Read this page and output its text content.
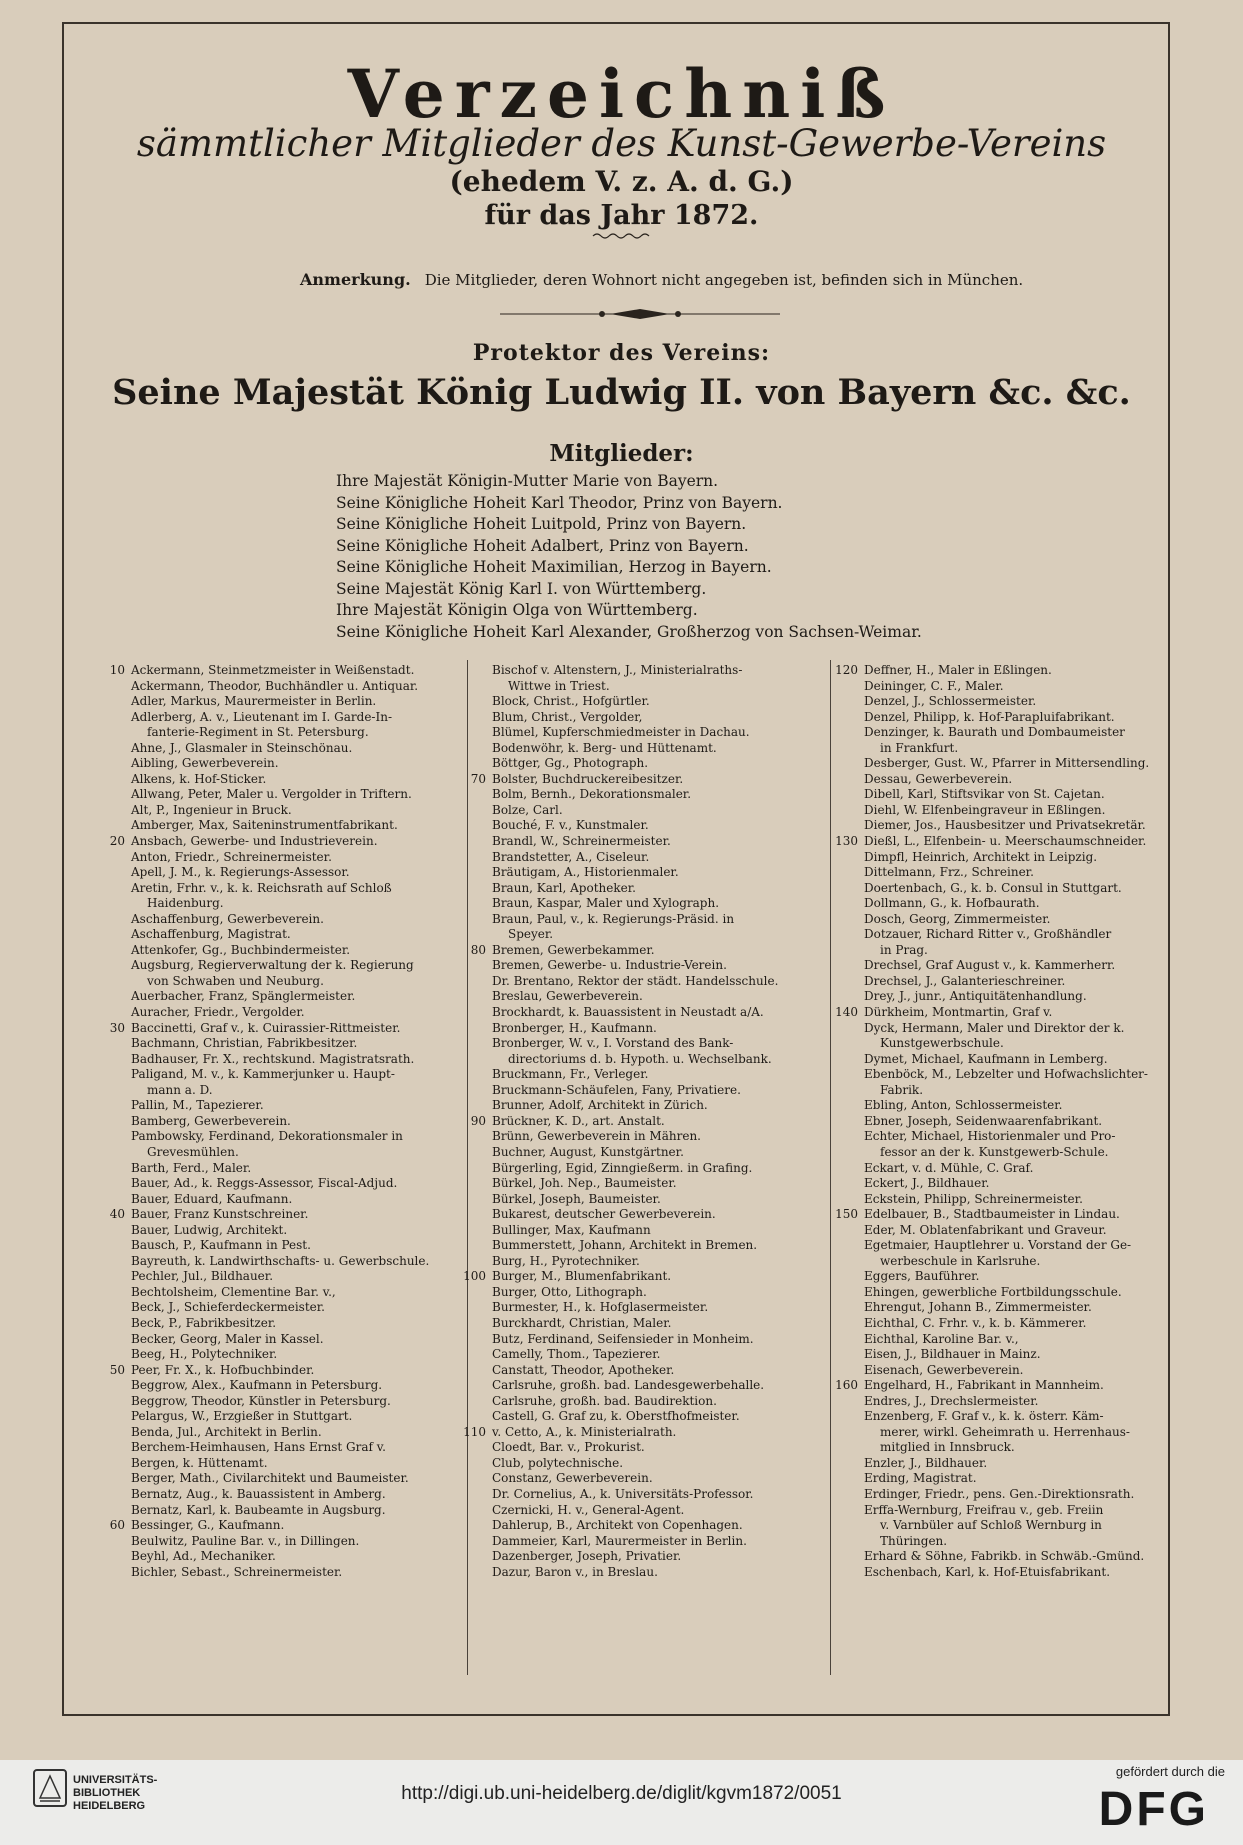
Verzeichniß
sämmtlicher Mitglieder des Kunst-Gewerbe-Vereins
(ehedem V. z. A. d. G.)
für das Jahr 1872.
Anmerkung. Die Mitglieder, deren Wohnort nicht angegeben ist, befinden sich in München.
Protektor des Vereins:
Seine Majestät König Ludwig II. von Bayern &c. &c.
Mitglieder:
Ihre Majestät Königin-Mutter Marie von Bayern.
Seine Königliche Hoheit Karl Theodor, Prinz von Bayern.
Seine Königliche Hoheit Luitpold, Prinz von Bayern.
Seine Königliche Hoheit Adalbert, Prinz von Bayern.
Seine Königliche Hoheit Maximilian, Herzog in Bayern.
Seine Majestät König Karl I. von Württemberg.
Ihre Majestät Königin Olga von Württemberg.
Seine Königliche Hoheit Karl Alexander, Großherzog von Sachsen-Weimar.
10 Ackermann, Steinmetzmeister in Weißenstadt.
Ackermann, Theodor, Buchhändler u. Antiquar.
Adler, Markus, Maurermeister in Berlin.
Adlerberg, A. v., Lieutenant im I. Garde-In-
fanterie-Regiment in St. Petersburg.
Ahne, J., Glasmaler in Steinschönau.
Aibling, Gewerbeverein.
Alkens, k. Hof-Sticker.
Allwang, Peter, Maler u. Vergolder in Triftern.
Alt, P., Ingenieur in Bruck.
Amberger, Max, Saiteninstrumentfabrikant.
20 Ansbach, Gewerbe- und Industrieverein.
Anton, Friedr., Schreinermeister.
Apell, J. M., k. Regierungs-Assessor.
Aretin, Frhr. v., k. k. Reichsrath auf Schloß
Haidenburg.
Aschaffenburg, Gewerbeverein.
Aschaffenburg, Magistrat.
Attenkofer, Gg., Buchbindermeister.
Augsburg, Regierverwaltung der k. Regierung
von Schwaben und Neuburg.
Auerbacher, Franz, Spänglermeister.
Auracher, Friedr., Vergolder.
30 Baccinetti, Graf v., k. Cuirassier-Rittmeister.
Bachmann, Christian, Fabrikbesitzer.
Badhauser, Fr. X., rechtskund. Magistratsrath.
Paligand, M. v., k. Kammerjunker u. Haupt-
mann a. D.
Pallin, M., Tapezierer.
Bamberg, Gewerbeverein.
Pambowsky, Ferdinand, Dekorationsmaler in
Grevesmühlen.
Barth, Ferd., Maler.
Bauer, Ad., k. Reggs-Assessor, Fiscal-Adjud.
Bauer, Eduard, Kaufmann.
40 Bauer, Franz Kunstschreiner.
Bauer, Ludwig, Architekt.
Bausch, P., Kaufmann in Pest.
Bayreuth, k. Landwirthschafts- u. Gewerbschule.
Pechler, Jul., Bildhauer.
Bechtolsheim, Clementine Bar. v.,
Beck, J., Schieferdeckermeister.
Beck, P., Fabrikbesitzer.
Becker, Georg, Maler in Kassel.
Beeg, H., Polytechniker.
50 Peer, Fr. X., k. Hofbuchbinder.
Beggrow, Alex., Kaufmann in Petersburg.
Beggrow, Theodor, Künstler in Petersburg.
Pelargus, W., Erzgießer in Stuttgart.
Benda, Jul., Architekt in Berlin.
Berchem-Heimhausen, Hans Ernst Graf v.
Bergen, k. Hüttenamt.
Berger, Math., Civilarchitekt und Baumeister.
Bernatz, Aug., k. Bauassistent in Amberg.
Bernatz, Karl, k. Baubeamte in Augsburg.
60 Bessinger, G., Kaufmann.
Beulwitz, Pauline Bar. v., in Dillingen.
Beyhl, Ad., Mechaniker.
Bichler, Sebast., Schreinermeister.
Bischof v. Altenstern, J., Ministerialraths-
Wittwe in Triest.
Block, Christ., Hofgürtler.
Blum, Christ., Vergolder,
Blümel, Kupferschmiedmeister in Dachau.
Bodenwöhr, k. Berg- und Hüttenamt.
Böttger, Gg., Photograph.
70 Bolster, Buchdruckereibesitzer.
Bolm, Bernh., Dekorationsmaler.
Bolze, Carl.
Bouché, F. v., Kunstmaler.
Brandl, W., Schreinermeister.
Brandstetter, A., Ciseleur.
Bräutigam, A., Historienmaler.
Braun, Karl, Apotheker.
Braun, Kaspar, Maler und Xylograph.
Braun, Paul, v., k. Regierungs-Präsid. in
Speyer.
80 Bremen, Gewerbekammer.
Bremen, Gewerbe- u. Industrie-Verein.
Dr. Brentano, Rektor der städt. Handelsschule.
Breslau, Gewerbeverein.
Brockhardt, k. Bauassistent in Neustadt a/A.
Bronberger, H., Kaufmann.
Bronberger, W. v., I. Vorstand des Bank-
directoriums d. b. Hypoth. u. Wechselbank.
Bruckmann, Fr., Verleger.
Bruckmann-Schäufelen, Fany, Privatiere.
Brunner, Adolf, Architekt in Zürich.
90 Brückner, K. D., art. Anstalt.
Brünn, Gewerbeverein in Mähren.
Buchner, August, Kunstgärtner.
Bürgerling, Egid, Zinngießerm. in Grafing.
Bürkel, Joh. Nep., Baumeister.
Bürkel, Joseph, Baumeister.
Bukarest, deutscher Gewerbeverein.
Bullinger, Max, Kaufmann
Bummerstett, Johann, Architekt in Bremen.
Burg, H., Pyrotechniker.
100 Burger, M., Blumenfabrikant.
Burger, Otto, Lithograph.
Burmester, H., k. Hofglasermeister.
Burckhardt, Christian, Maler.
Butz, Ferdinand, Seifensieder in Monheim.
Camelly, Thom., Tapezierer.
Canstatt, Theodor, Apotheker.
Carlsruhe, großh. bad. Landesgewerbehalle.
Carlsruhe, großh. bad. Baudirektion.
Castell, G. Graf zu, k. Oberstfhofmeister.
110 v. Cetto, A., k. Ministerialrath.
Cloedt, Bar. v., Prokurist.
Club, polytechnische.
Constanz, Gewerbeverein.
Dr. Cornelius, A., k. Universitäts-Professor.
Czernicki, H. v., General-Agent.
Dahlerup, B., Architekt von Copenhagen.
Dammeier, Karl, Maurermeister in Berlin.
Dazenberger, Joseph, Privatier.
Dazur, Baron v., in Breslau.
120 Deffner, H., Maler in Eßlingen.
Deininger, C. F., Maler.
Denzel, J., Schlossermeister.
Denzel, Philipp, k. Hof-Parapluifabrikant.
Denzinger, k. Baurath und Dombaumeister
in Frankfurt.
Desberger, Gust. W., Pfarrer in Mittersendling.
Dessau, Gewerbeverein.
Dibell, Karl, Stiftsvikar von St. Cajetan.
Diehl, W. Elfenbeingraveur in Eßlingen.
Diemer, Jos., Hausbesitzer und Privatsekretär.
130 Dießl, L., Elfenbein- u. Meerschaumschneider.
Dimpfl, Heinrich, Architekt in Leipzig.
Dittelmann, Frz., Schreiner.
Doertenbach, G., k. b. Consul in Stuttgart.
Dollmann, G., k. Hofbaurath.
Dosch, Georg, Zimmermeister.
Dotzauer, Richard Ritter v., Großhändler
in Prag.
Drechsel, Graf August v., k. Kammerherr.
Drechsel, J., Galanterieschreiner.
Drey, J., junr., Antiquitätenhandlung.
140 Dürkheim, Montmartin, Graf v.
Dyck, Hermann, Maler und Direktor der k.
Kunstgewerbschule.
Dymet, Michael, Kaufmann in Lemberg.
Ebenböck, M., Lebzelter und Hofwachslichter-
Fabrik.
Ebling, Anton, Schlossermeister.
Ebner, Joseph, Seidenwaarenfabrikant.
Echter, Michael, Historienmaler und Pro-
fessor an der k. Kunstgewerb-Schule.
Eckart, v. d. Mühle, C. Graf.
Eckert, J., Bildhauer.
Eckstein, Philipp, Schreinermeister.
150 Edelbauer, B., Stadtbaumeister in Lindau.
Eder, M. Oblatenfabrikant und Graveur.
Egetmaier, Hauptlehrer u. Vorstand der Ge-
werbeschule in Karlsruhe.
Eggers, Bauführer.
Ehingen, gewerbliche Fortbildungsschule.
Ehrengut, Johann B., Zimmermeister.
Eichthal, C. Frhr. v., k. b. Kämmerer.
Eichthal, Karoline Bar. v.,
Eisen, J., Bildhauer in Mainz.
Eisenach, Gewerbeverein.
160 Engelhard, H., Fabrikant in Mannheim.
Endres, J., Drechslermeister.
Enzenberg, F. Graf v., k. k. österr. Käm-
merer, wirkl. Geheimrath u. Herrenhaus-
mitglied in Innsbruck.
Enzler, J., Bildhauer.
Erding, Magistrat.
Erdinger, Friedr., pens. Gen.-Direktionsrath.
Erffa-Wernburg, Freifrau v., geb. Freiin
v. Varnbüler auf Schloß Wernburg in
Thüringen.
Erhard & Söhne, Fabrikb. in Schwäb.-Gmünd.
Eschenbach, Karl, k. Hof-Etuisfabrikant.
UNIVERSITÄTS-
BIBLIOTHEK
HEIDELBERG
http://digi.ub.uni-heidelberg.de/diglit/kgvm1872/0051
gefördert durch die
DFG
